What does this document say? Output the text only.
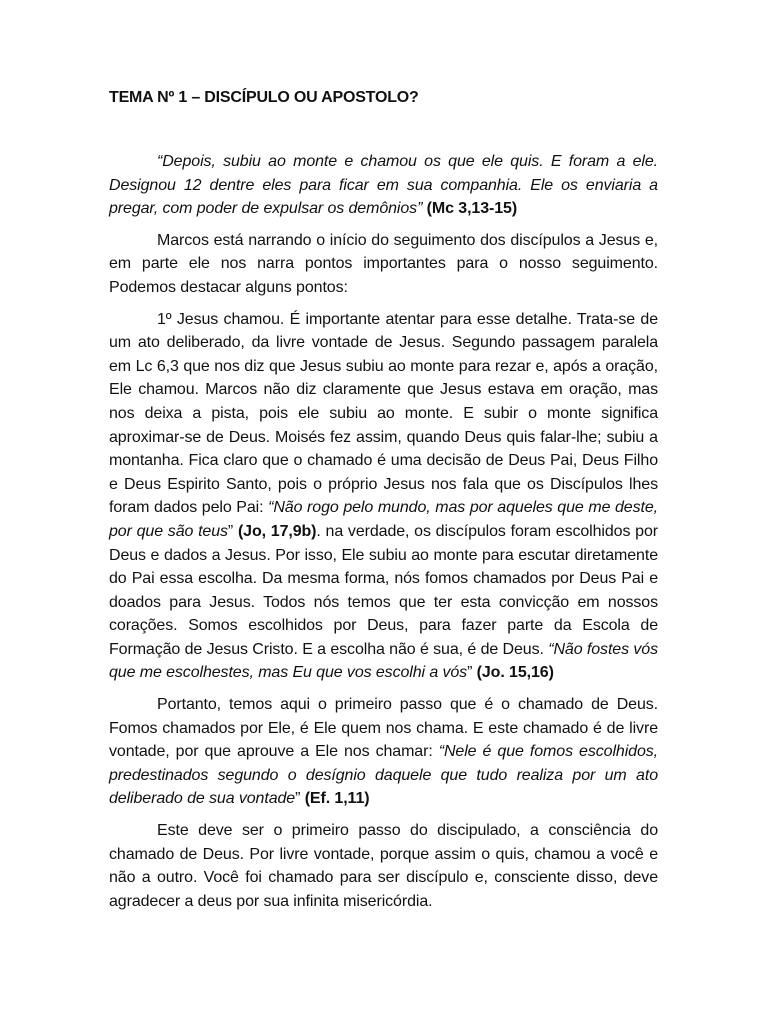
TEMA Nº 1 – DISCÍPULO OU APOSTOLO?

“Depois, subiu ao monte e chamou os que ele quis. E foram a ele. Designou 12 dentre eles para ficar em sua companhia. Ele os enviaria a pregar, com poder de expulsar os demônios” (Mc 3,13-15)

Marcos está narrando o início do seguimento dos discípulos a Jesus e, em parte ele nos narra pontos importantes para o nosso seguimento. Podemos destacar alguns pontos:

1º Jesus chamou. É importante atentar para esse detalhe. Trata-se de um ato deliberado, da livre vontade de Jesus. Segundo passagem paralela em Lc 6,3 que nos diz que Jesus subiu ao monte para rezar e, após a oração, Ele chamou. Marcos não diz claramente que Jesus estava em oração, mas nos deixa a pista, pois ele subiu ao monte. E subir o monte significa aproximar-se de Deus. Moisés fez assim, quando Deus quis falar-lhe; subiu a montanha. Fica claro que o chamado é uma decisão de Deus Pai, Deus Filho e Deus Espirito Santo, pois o próprio Jesus nos fala que os Discípulos lhes foram dados pelo Pai: “Não rogo pelo mundo, mas por aqueles que me deste, por que são teus” (Jo, 17,9b). na verdade, os discípulos foram escolhidos por Deus e dados a Jesus. Por isso, Ele subiu ao monte para escutar diretamente do Pai essa escolha. Da mesma forma, nós fomos chamados por Deus Pai e doados para Jesus. Todos nós temos que ter esta convicção em nossos corações. Somos escolhidos por Deus, para fazer parte da Escola de Formação de Jesus Cristo. E a escolha não é sua, é de Deus. “Não fostes vós que me escolhestes, mas Eu que vos escolhi a vós” (Jo. 15,16)

Portanto, temos aqui o primeiro passo que é o chamado de Deus. Fomos chamados por Ele, é Ele quem nos chama. E este chamado é de livre vontade, por que aprouve a Ele nos chamar: “Nele é que fomos escolhidos, predestinados segundo o desígnio daquele que tudo realiza por um ato deliberado de sua vontade” (Ef. 1,11)

Este deve ser o primeiro passo do discipulado, a consciência do chamado de Deus. Por livre vontade, porque assim o quis, chamou a você e não a outro. Você foi chamado para ser discípulo e, consciente disso, deve agradecer a deus por sua infinita misericórdia.
